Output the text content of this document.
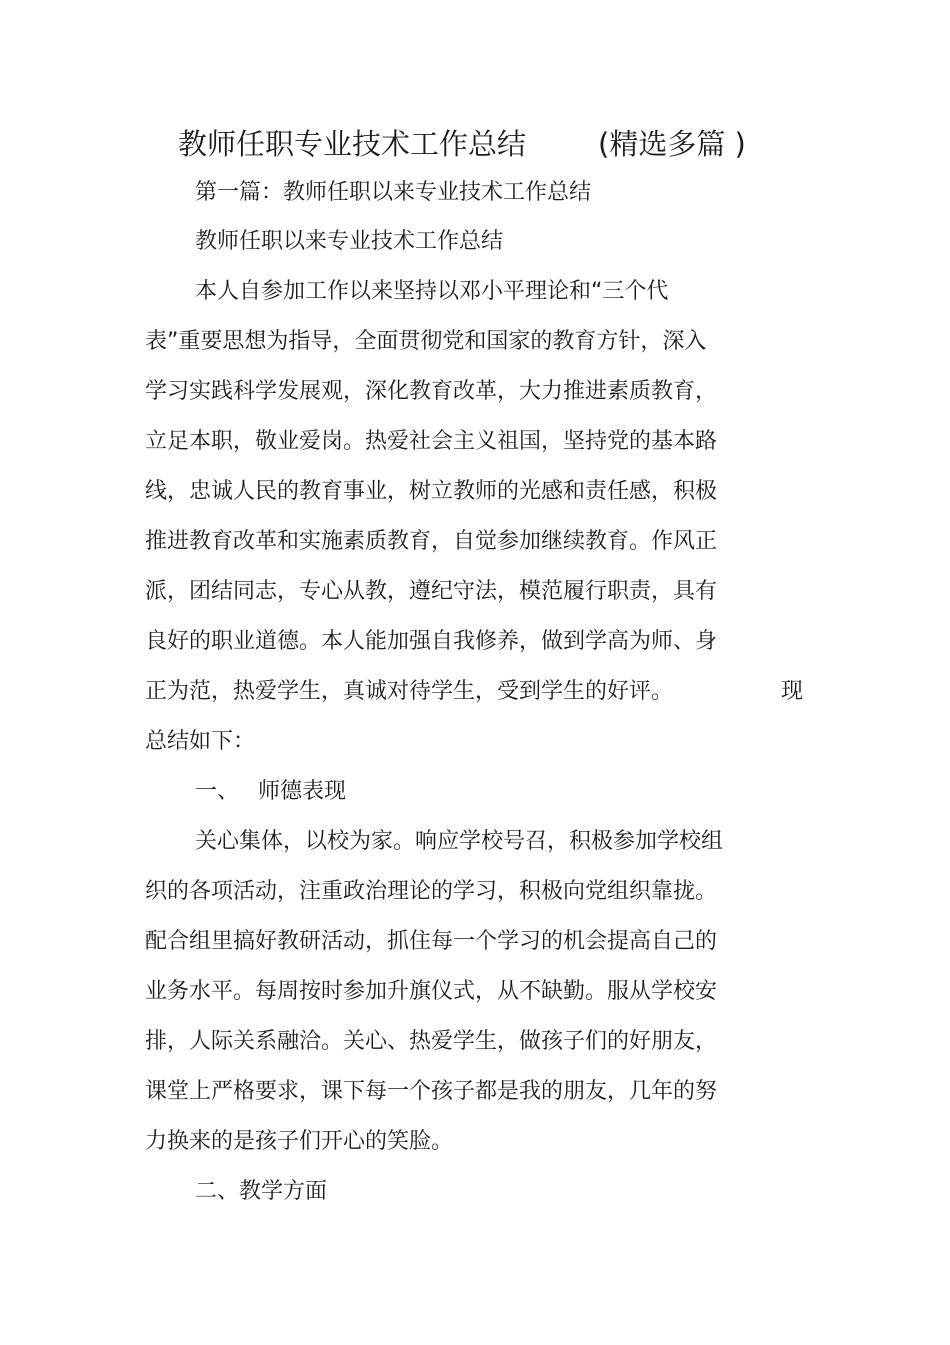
教师任职专业技术工作总结 (精选多篇 )
第一篇：教师任职以来专业技术工作总结
教师任职以来专业技术工作总结
本人自参加工作以来坚持以邓小平理论和“三个代
表”重要思想为指导，全面贯彻党和国家的教育方针，深入
学习实践科学发展观，深化教育改革，大力推进素质教育，
立足本职，敬业爱岗。热爱社会主义祖国，坚持党的基本路
线，忠诚人民的教育事业，树立教师的光感和责任感，积极
推进教育改革和实施素质教育，自觉参加继续教育。作风正
派，团结同志，专心从教，遵纪守法，模范履行职责，具有
良好的职业道德。本人能加强自我修养，做到学高为师、身
正为范，热爱学生，真诚对待学生，受到学生的好评。	现
总结如下：
一、 师德表现
关心集体，以校为家。响应学校号召，积极参加学校组
织的各项活动，注重政治理论的学习，积极向党组织靠拢。
配合组里搞好教研活动，抓住每一个学习的机会提高自己的
业务水平。每周按时参加升旗仪式，从不缺勤。服从学校安
排，人际关系融洽。关心、热爱学生，做孩子们的好朋友，
课堂上严格要求，课下每一个孩子都是我的朋友，几年的努
力换来的是孩子们开心的笑脸。
二、教学方面
